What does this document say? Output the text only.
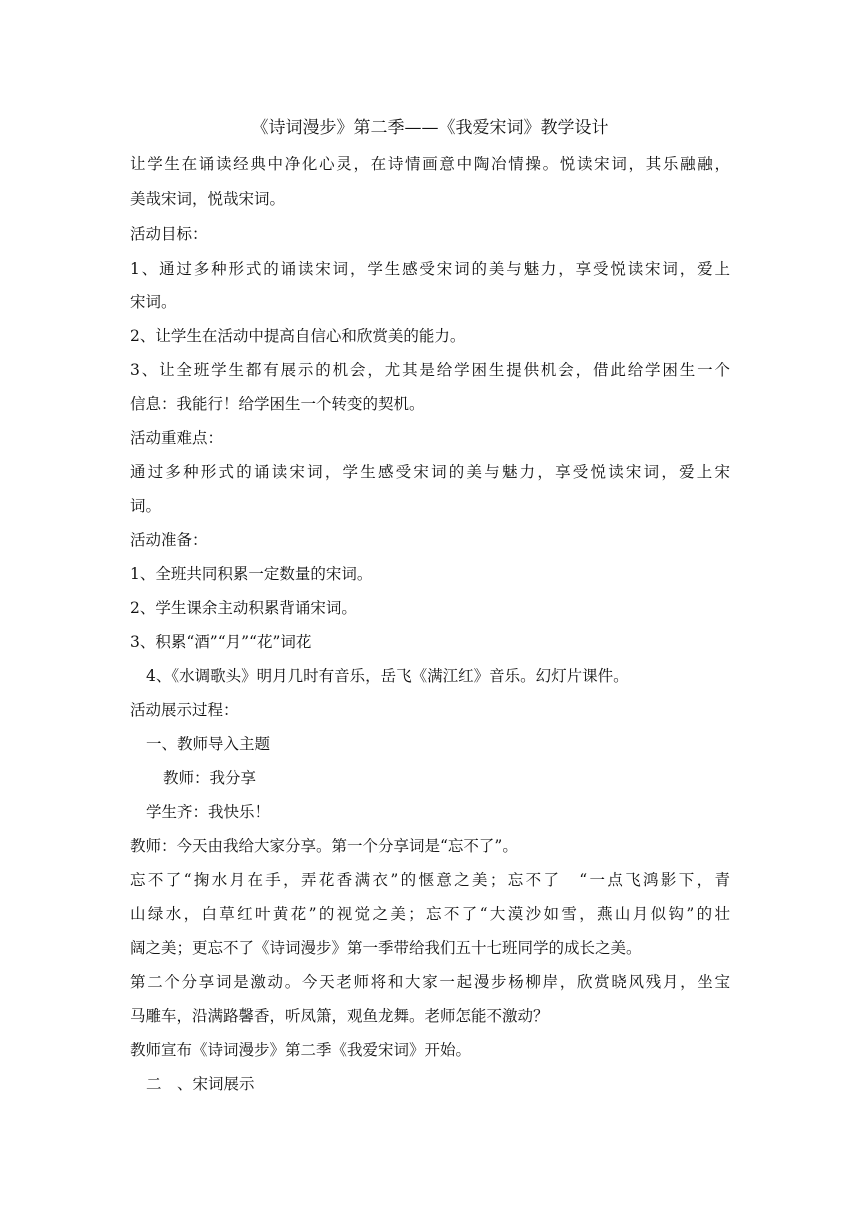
《诗词漫步》第二季——《我爱宋词》教学设计
让学生在诵读经典中净化心灵，在诗情画意中陶冶情操。悦读宋词，其乐融融，
美哉宋词，悦哉宋词。
活动目标：
1、通过多种形式的诵读宋词，学生感受宋词的美与魅力，享受悦读宋词，爱上
宋词。
2、让学生在活动中提高自信心和欣赏美的能力。
3、让全班学生都有展示的机会，尤其是给学困生提供机会，借此给学困生一个
信息：我能行！给学困生一个转变的契机。
活动重难点：
通过多种形式的诵读宋词，学生感受宋词的美与魅力，享受悦读宋词，爱上宋
词。
活动准备：
1、全班共同积累一定数量的宋词。
2、学生课余主动积累背诵宋词。
3、积累“酒”“月”“花”词花
4、《水调歌头》明月几时有音乐，岳飞《满江红》音乐。幻灯片课件。
活动展示过程：
一、教师导入主题
教师：我分享
学生齐：我快乐！
教师：今天由我给大家分享。第一个分享词是“忘不了”。
忘不了“掬水月在手，弄花香满衣”的惬意之美；忘不了　“一点飞鸿影下，青
山绿水，白草红叶黄花”的视觉之美；忘不了“大漠沙如雪，燕山月似钩”的壮
阔之美；更忘不了《诗词漫步》第一季带给我们五十七班同学的成长之美。
第二个分享词是激动。今天老师将和大家一起漫步杨柳岸，欣赏晓风残月，坐宝
马雕车，沿满路馨香，听凤箫，观鱼龙舞。老师怎能不激动？
教师宣布《诗词漫步》第二季《我爱宋词》开始。
二　、宋词展示
